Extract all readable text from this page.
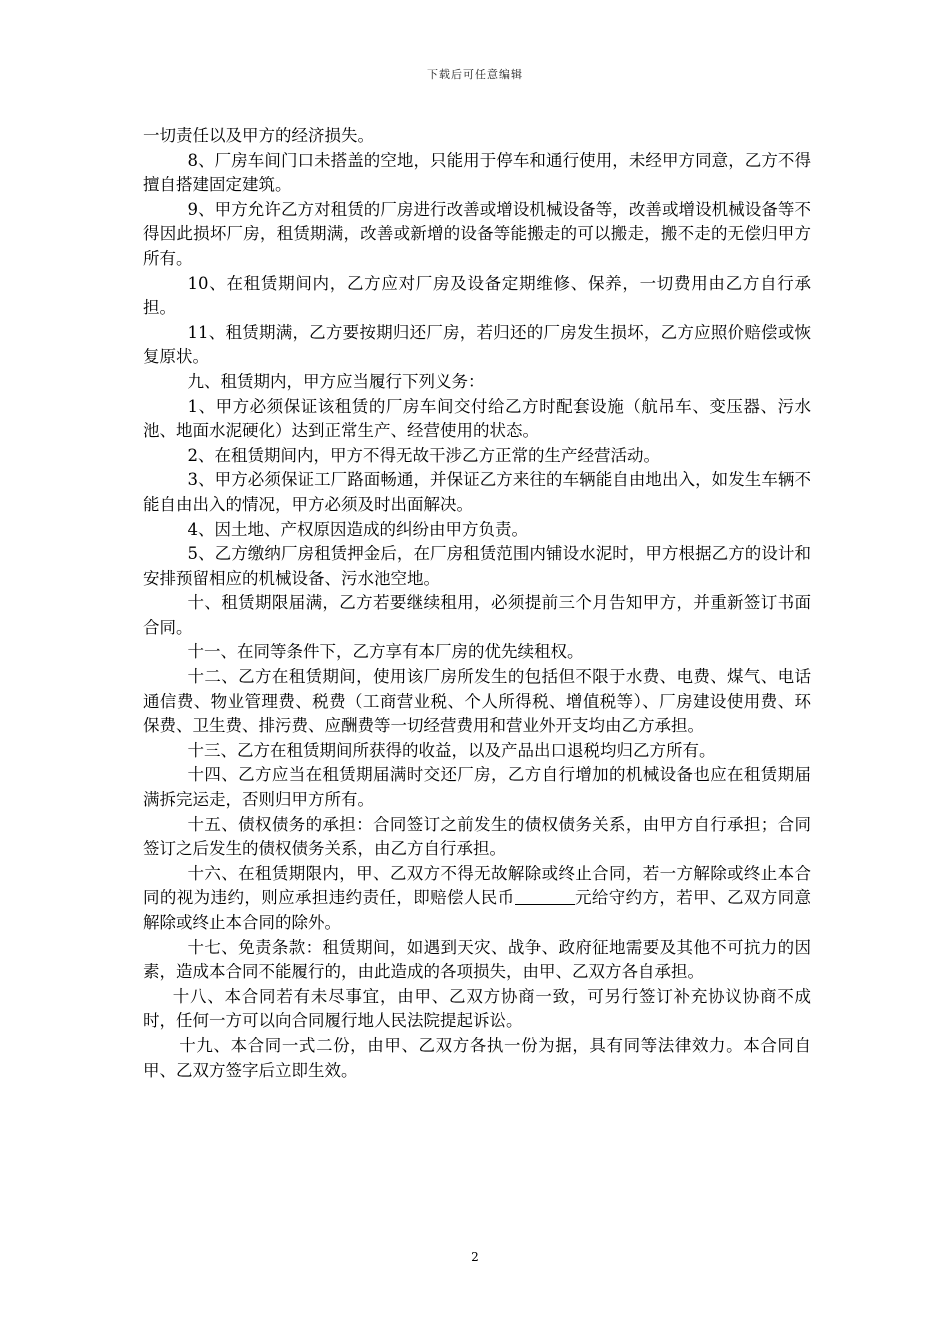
下载后可任意编辑

一切责任以及甲方的经济损失。

8、厂房车间门口未搭盖的空地，只能用于停车和通行使用，未经甲方同意，乙方不得擅自搭建固定建筑。

9、甲方允许乙方对租赁的厂房进行改善或增设机械设备等，改善或增设机械设备等不得因此损坏厂房，租赁期满，改善或新增的设备等能搬走的可以搬走，搬不走的无偿归甲方所有。

10、在租赁期间内，乙方应对厂房及设备定期维修、保养，一切费用由乙方自行承担。

11、租赁期满，乙方要按期归还厂房，若归还的厂房发生损坏，乙方应照价赔偿或恢复原状。

九、租赁期内，甲方应当履行下列义务：

1、甲方必须保证该租赁的厂房车间交付给乙方时配套设施（航吊车、变压器、污水池、地面水泥硬化）达到正常生产、经营使用的状态。

2、在租赁期间内，甲方不得无故干涉乙方正常的生产经营活动。

3、甲方必须保证工厂路面畅通，并保证乙方来往的车辆能自由地出入，如发生车辆不能自由出入的情况，甲方必须及时出面解决。

4、因土地、产权原因造成的纠纷由甲方负责。

5、乙方缴纳厂房租赁押金后，在厂房租赁范围内铺设水泥时，甲方根据乙方的设计和安排预留相应的机械设备、污水池空地。

十、租赁期限届满，乙方若要继续租用，必须提前三个月告知甲方，并重新签订书面合同。

十一、在同等条件下，乙方享有本厂房的优先续租权。

十二、乙方在租赁期间，使用该厂房所发生的包括但不限于水费、电费、煤气、电话通信费、物业管理费、税费（工商营业税、个人所得税、增值税等）、厂房建设使用费、环保费、卫生费、排污费、应酬费等一切经营费用和营业外开支均由乙方承担。

十三、乙方在租赁期间所获得的收益，以及产品出口退税均归乙方所有。

十四、乙方应当在租赁期届满时交还厂房，乙方自行增加的机械设备也应在租赁期届满拆完运走，否则归甲方所有。

十五、债权债务的承担：合同签订之前发生的债权债务关系，由甲方自行承担；合同签订之后发生的债权债务关系，由乙方自行承担。

十六、在租赁期限内，甲、乙双方不得无故解除或终止合同，若一方解除或终止本合同的视为违约，则应承担违约责任，即赔偿人民币	元给守约方，若甲、乙双方同意解除或终止本合同的除外。

十七、免责条款：租赁期间，如遇到天灾、战争、政府征地需要及其他不可抗力的因素，造成本合同不能履行的，由此造成的各项损失，由甲、乙双方各自承担。

十八、本合同若有未尽事宜，由甲、乙双方协商一致，可另行签订补充协议协商不成时，任何一方可以向合同履行地人民法院提起诉讼。

十九、本合同一式二份，由甲、乙双方各执一份为据，具有同等法律效力。本合同自甲、乙双方签字后立即生效。

2
